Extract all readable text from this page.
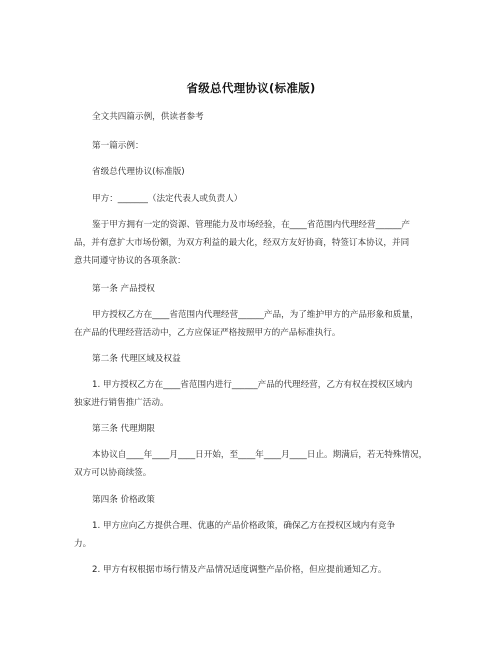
省级总代理协议(标准版)
全文共四篇示例，供读者参考
第一篇示例：
省级总代理协议(标准版)
甲方：_______（法定代表人或负责人）
鉴于甲方拥有一定的资源、管理能力及市场经验，在____省范围内代理经营______产
品，并有意扩大市场份额，为双方利益的最大化，经双方友好协商，特签订本协议，并同
意共同遵守协议的各项条款：
第一条 产品授权
甲方授权乙方在____省范围内代理经营______产品，为了维护甲方的产品形象和质量，
在产品的代理经营活动中，乙方应保证严格按照甲方的产品标准执行。
第二条 代理区域及权益
1. 甲方授权乙方在____省范围内进行______产品的代理经营，乙方有权在授权区域内
独家进行销售推广活动。
第三条 代理期限
本协议自____年____月____日开始，至____年____月____日止。期满后，若无特殊情况，
双方可以协商续签。
第四条 价格政策
1. 甲方应向乙方提供合理、优惠的产品价格政策，确保乙方在授权区域内有竞争
力。
2. 甲方有权根据市场行情及产品情况适度调整产品价格，但应提前通知乙方。
